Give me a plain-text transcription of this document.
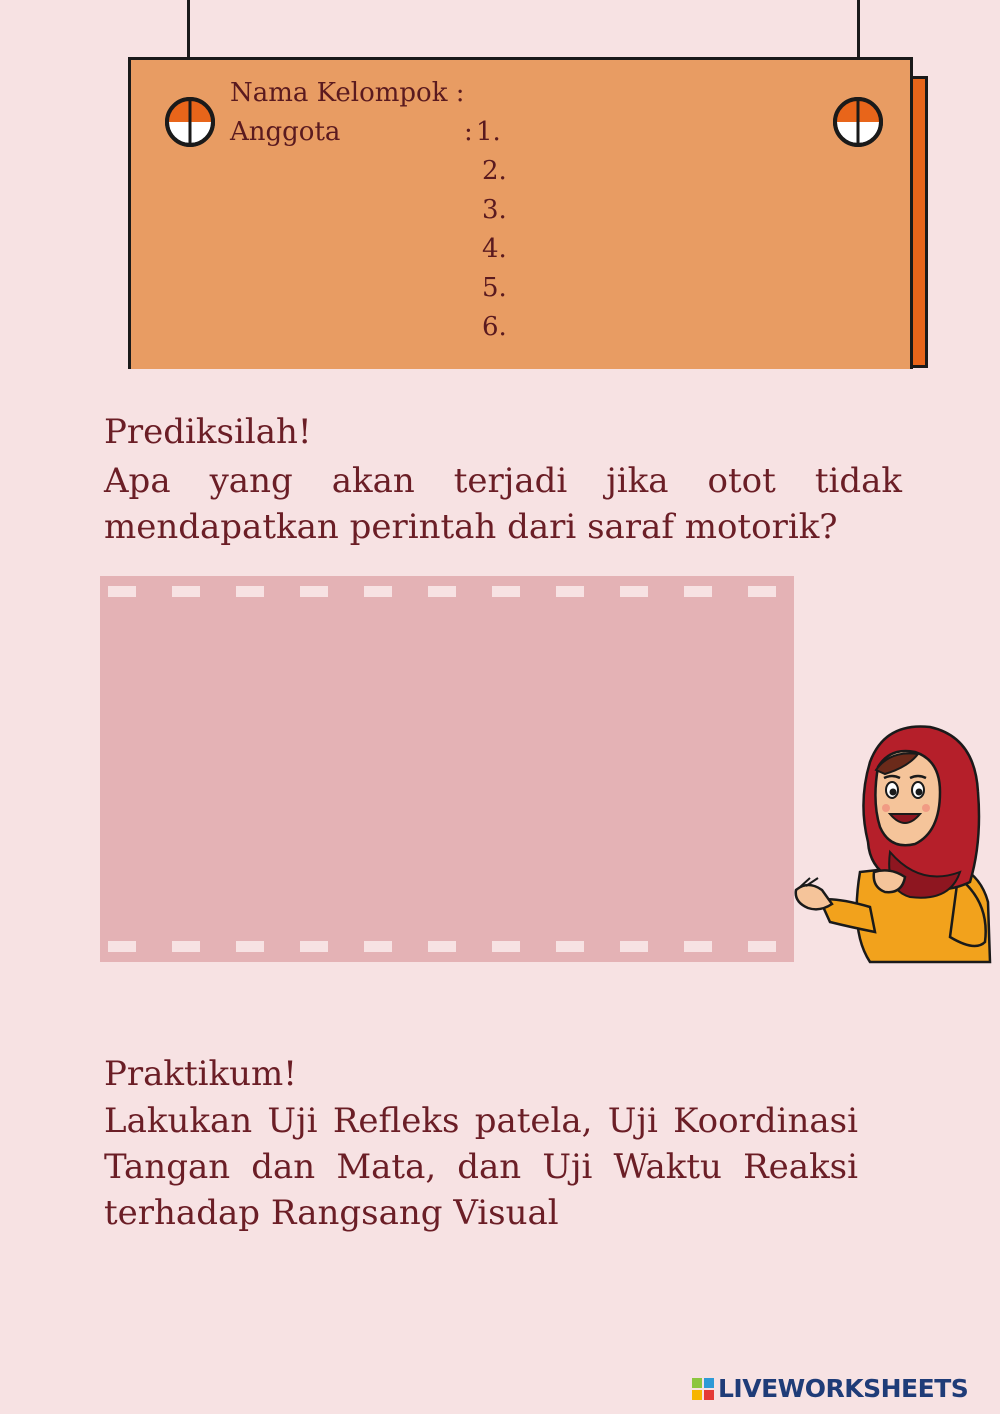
Nama Kelompok :
Anggota	: 1.
2.
3.
4.
5.
6.
Prediksilah!
Apa yang akan terjadi jika otot tidak mendapatkan perintah dari saraf motorik?
Praktikum!
Lakukan Uji Refleks patela, Uji Koordinasi Tangan dan Mata, dan Uji Waktu Reaksi terhadap Rangsang Visual
LIVEWORKSHEETS
